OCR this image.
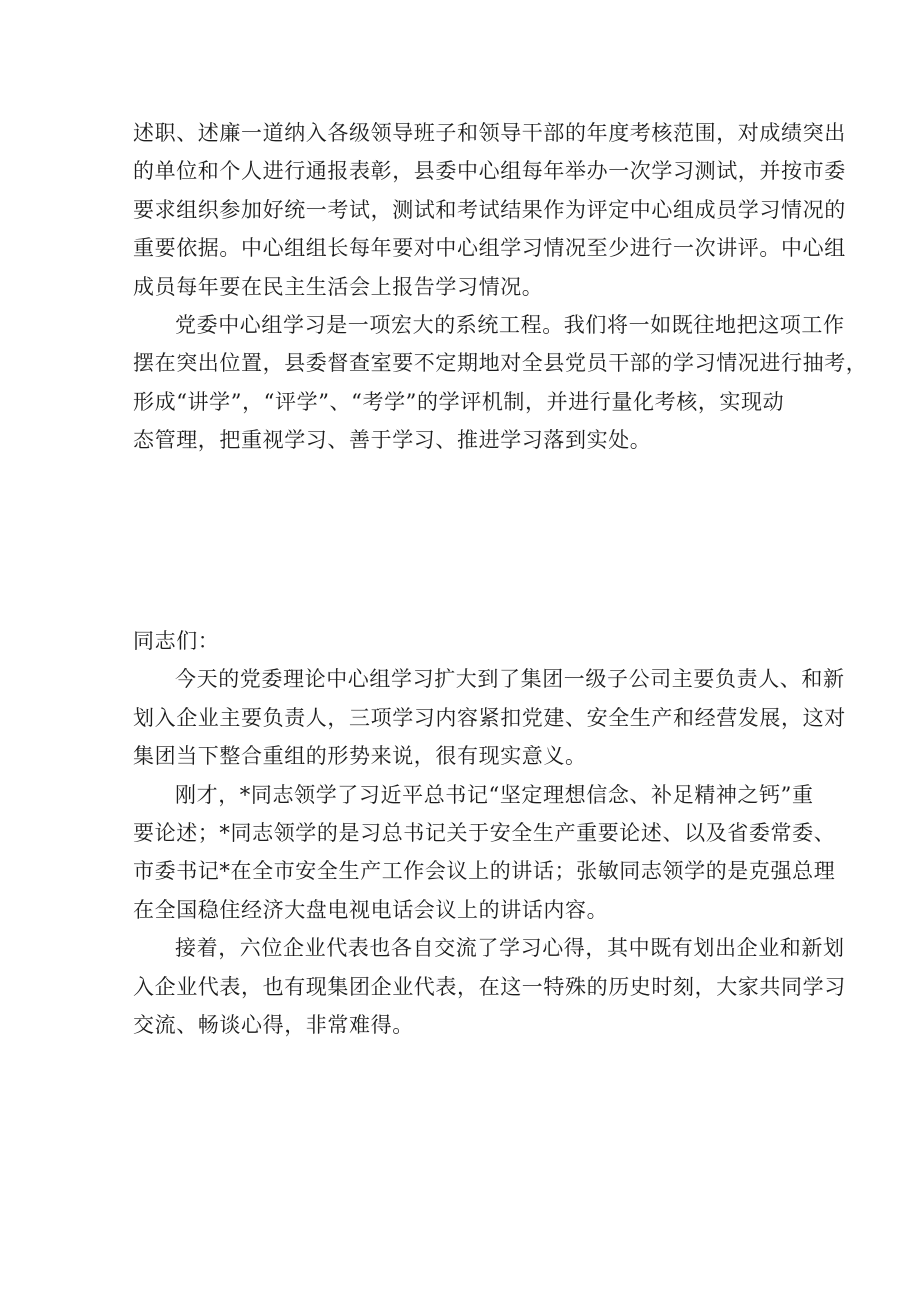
述职、述廉一道纳入各级领导班子和领导干部的年度考核范围，对成绩突出
的单位和个人进行通报表彰，县委中心组每年举办一次学习测试，并按市委
要求组织参加好统一考试，测试和考试结果作为评定中心组成员学习情况的
重要依据。中心组组长每年要对中心组学习情况至少进行一次讲评。中心组
成员每年要在民主生活会上报告学习情况。

党委中心组学习是一项宏大的系统工程。我们将一如既往地把这项工作
摆在突出位置，县委督查室要不定期地对全县党员干部的学习情况进行抽考，
形成“讲学”，“评学”、“考学”的学评机制，并进行量化考核，实现动
态管理，把重视学习、善于学习、推进学习落到实处。

同志们：

今天的党委理论中心组学习扩大到了集团一级子公司主要负责人、和新
划入企业主要负责人，三项学习内容紧扣党建、安全生产和经营发展，这对
集团当下整合重组的形势来说，很有现实意义。

刚才，*同志领学了习近平总书记“坚定理想信念、补足精神之钙”重
要论述；*同志领学的是习总书记关于安全生产重要论述、以及省委常委、
市委书记*在全市安全生产工作会议上的讲话；张敏同志领学的是克强总理
在全国稳住经济大盘电视电话会议上的讲话内容。

接着，六位企业代表也各自交流了学习心得，其中既有划出企业和新划
入企业代表，也有现集团企业代表，在这一特殊的历史时刻，大家共同学习
交流、畅谈心得，非常难得。
